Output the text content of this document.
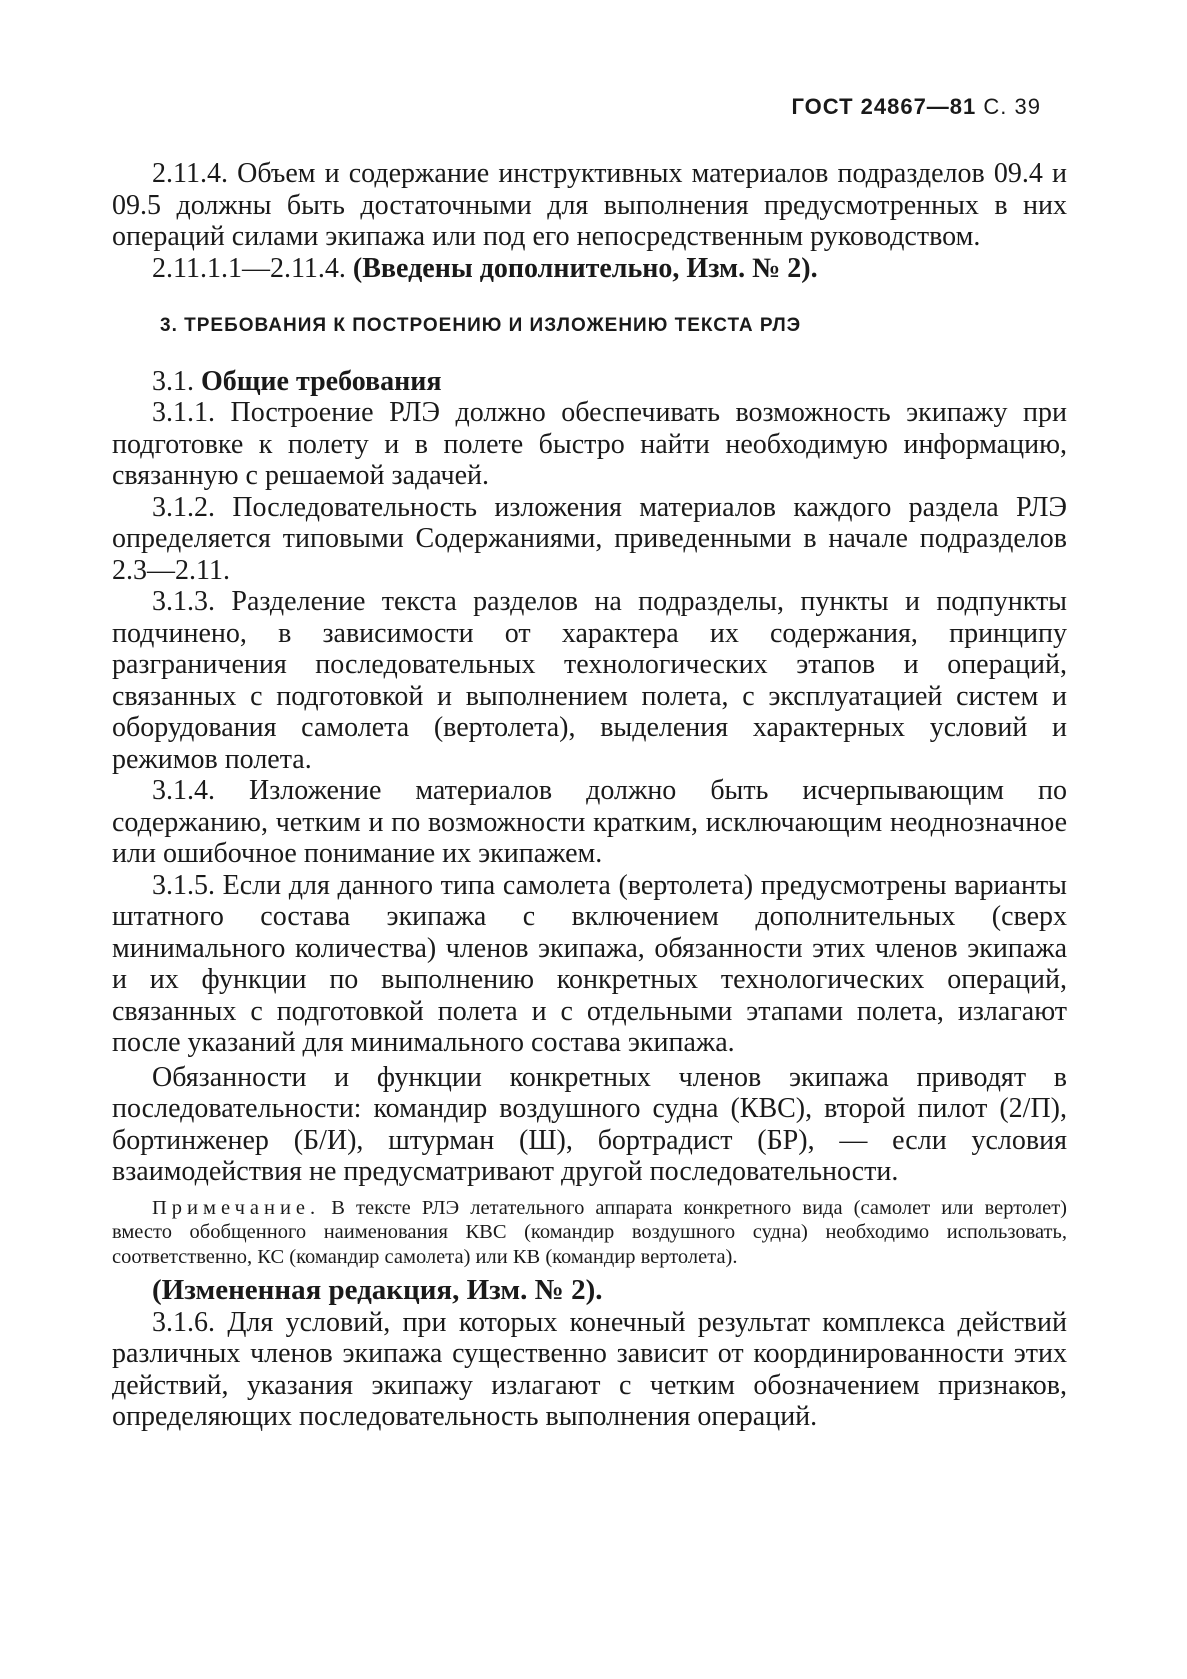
ГОСТ 24867—81 С. 39

2.11.4. Объем и содержание инструктивных материалов подразделов 09.4 и 09.5 должны быть достаточными для выполнения предусмотренных в них операций силами экипажа или под его непосредственным руководством.

2.11.1.1—2.11.4. (Введены дополнительно, Изм. № 2).

3. ТРЕБОВАНИЯ К ПОСТРОЕНИЮ И ИЗЛОЖЕНИЮ ТЕКСТА РЛЭ

3.1. Общие требования

3.1.1. Построение РЛЭ должно обеспечивать возможность экипажу при подготовке к полету и в полете быстро найти необходимую информацию, связанную с решаемой задачей.

3.1.2. Последовательность изложения материалов каждого раздела РЛЭ определяется типовыми Содержаниями, приведенными в начале подразделов 2.3—2.11.

3.1.3. Разделение текста разделов на подразделы, пункты и подпункты подчинено, в зависимости от характера их содержания, принципу разграничения последовательных технологических этапов и операций, связанных с подготовкой и выполнением полета, с эксплуатацией систем и оборудования самолета (вертолета), выделения характерных условий и режимов полета.

3.1.4. Изложение материалов должно быть исчерпывающим по содержанию, четким и по возможности кратким, исключающим неоднозначное или ошибочное понимание их экипажем.

3.1.5. Если для данного типа самолета (вертолета) предусмотрены варианты штатного состава экипажа с включением дополнительных (сверх минимального количества) членов экипажа, обязанности этих членов экипажа и их функции по выполнению конкретных технологических операций, связанных с подготовкой полета и с отдельными этапами полета, излагают после указаний для минимального состава экипажа.

Обязанности и функции конкретных членов экипажа приводят в последовательности: командир воздушного судна (КВС), второй пилот (2/П), бортинженер (Б/И), штурман (Ш), бортрадист (БР), — если условия взаимодействия не предусматривают другой последовательности.

Примечание. В тексте РЛЭ летательного аппарата конкретного вида (самолет или вертолет) вместо обобщенного наименования КВС (командир воздушного судна) необходимо использовать, соответственно, КС (командир самолета) или КВ (командир вертолета).

(Измененная редакция, Изм. № 2).

3.1.6. Для условий, при которых конечный результат комплекса действий различных членов экипажа существенно зависит от координированности этих действий, указания экипажу излагают с четким обозначением признаков, определяющих последовательность выполнения операций.
